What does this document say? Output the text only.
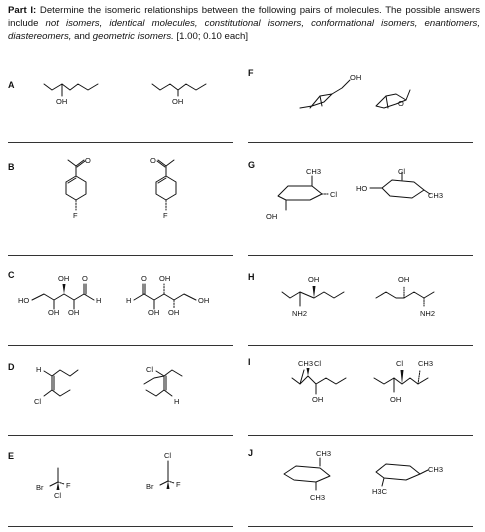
Part I: Determine the isomeric relationships between the following pairs of molecules. The possible answers include not isomers, identical molecules, constitutional isomers, conformational isomers, enantiomers, diastereomers, and geometric isomers. [1.00; 0.10 each]
A
B
C
D
E
F
G
H
I
J
OH	OH
O
F
O
F
HO
OH
OH
OH
O
H	H
O
OH
OH
OH
OH
H
Cl
Cl
H
Br	F
Cl
Cl
Br	F
OH
O
CH3
Cl
OH
HO
Cl
CH3
OH
NH2
OH
NH2
CH3 Cl
OH
Cl CH3
OH
CH3
CH3
CH3
H3C
